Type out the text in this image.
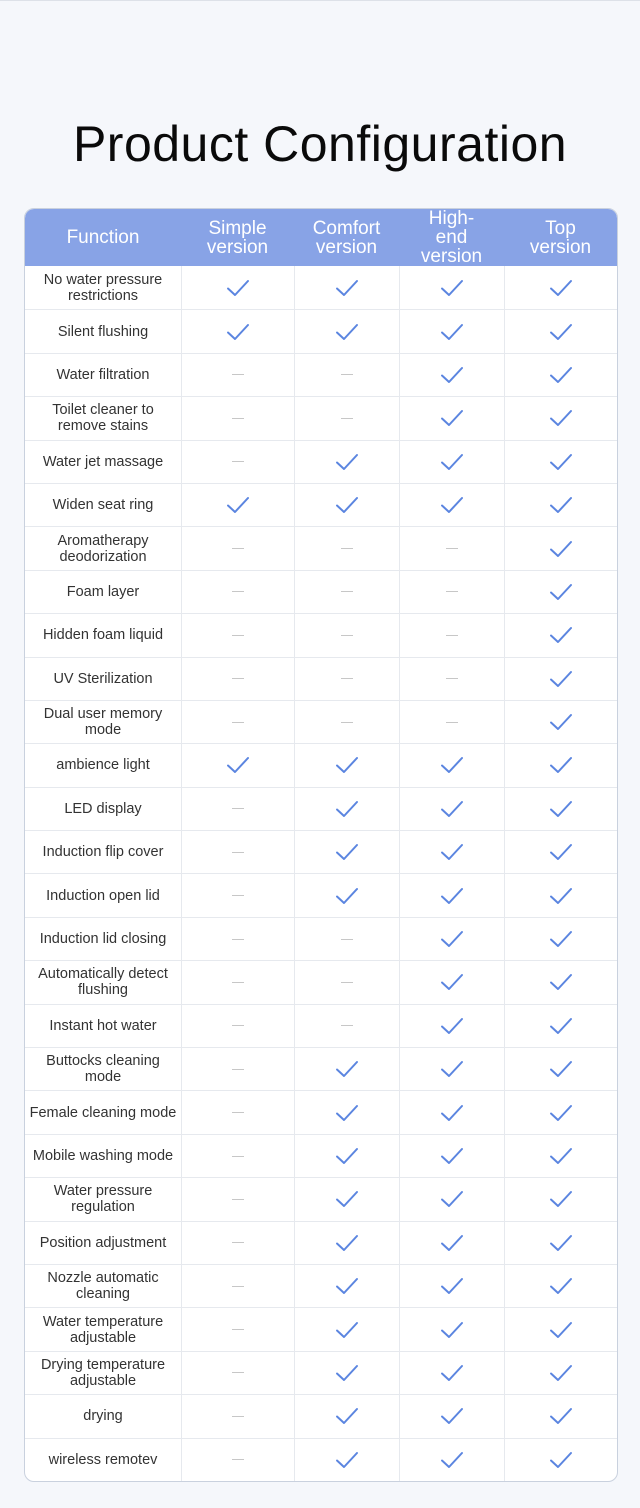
Product Configuration
Function	Simple version
Comfort version
High-end version
Top version
No water pressure restrictions
Silent flushing
Water filtration
Toilet cleaner to remove stains
Water jet massage
Widen seat ring
Aromatherapy deodorization
Foam layer
Hidden foam liquid
UV Sterilization
Dual user memory mode
ambience light
LED display
Induction flip cover
Induction open lid
Induction lid closing
Automatically detect flushing
Instant hot water
Buttocks cleaning mode
Female cleaning mode
Mobile washing mode
Water pressure regulation
Position adjustment
Nozzle automatic cleaning
Water temperature adjustable
Drying temperature adjustable
drying
wireless remotev
